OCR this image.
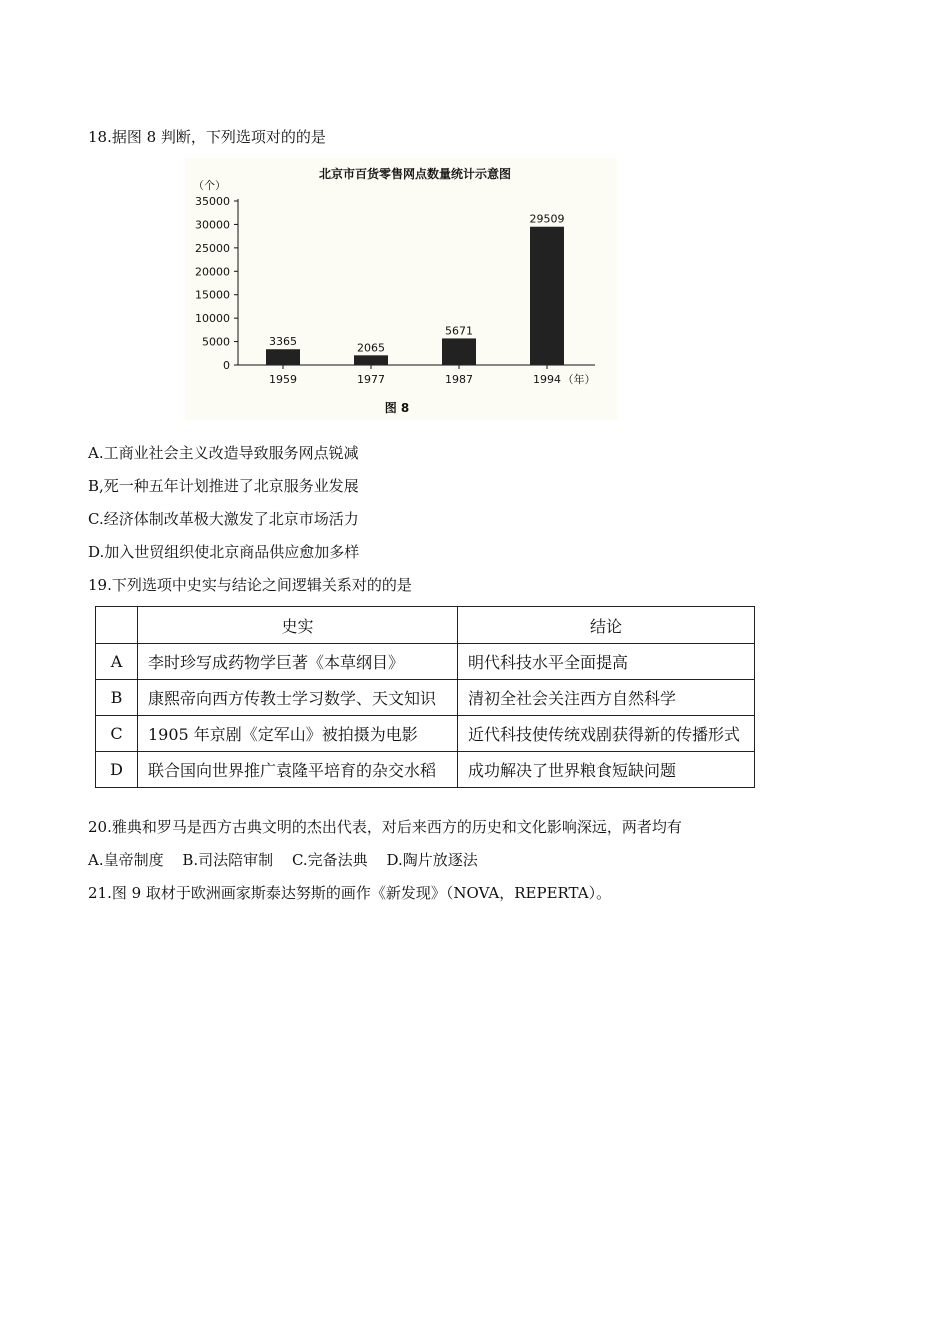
18.据图 8 判断，下列选项对的的是
北京市百货零售网点数量统计示意图
（个）
0
5000
10000
15000
20000
25000
30000
35000
3365
1959
2065
1977
5671
1987
29509
1994 （年）
图 8
A.工商业社会主义改造导致服务网点锐减
B,死一种五年计划推进了北京服务业发展
C.经济体制改革极大激发了北京市场活力
D.加入世贸组织使北京商品供应愈加多样
19.下列选项中史实与结论之间逻辑关系对的的是
	史实	结论
A	李时珍写成药物学巨著《本草纲目》	明代科技水平全面提高
B	康熙帝向西方传教士学习数学、天文知识	清初全社会关注西方自然科学
C	1905 年京剧《定军山》被拍摄为电影	近代科技使传统戏剧获得新的传播形式
D	联合国向世界推广袁隆平培育的杂交水稻	成功解决了世界粮食短缺问题
20.雅典和罗马是西方古典文明的杰出代表，对后来西方的历史和文化影响深远，两者均有
A.皇帝制度 B.司法陪审制 C.完备法典 D.陶片放逐法
21.图 9 取材于欧洲画家斯泰达努斯的画作《新发现》（NOVA，REPERTA）。
